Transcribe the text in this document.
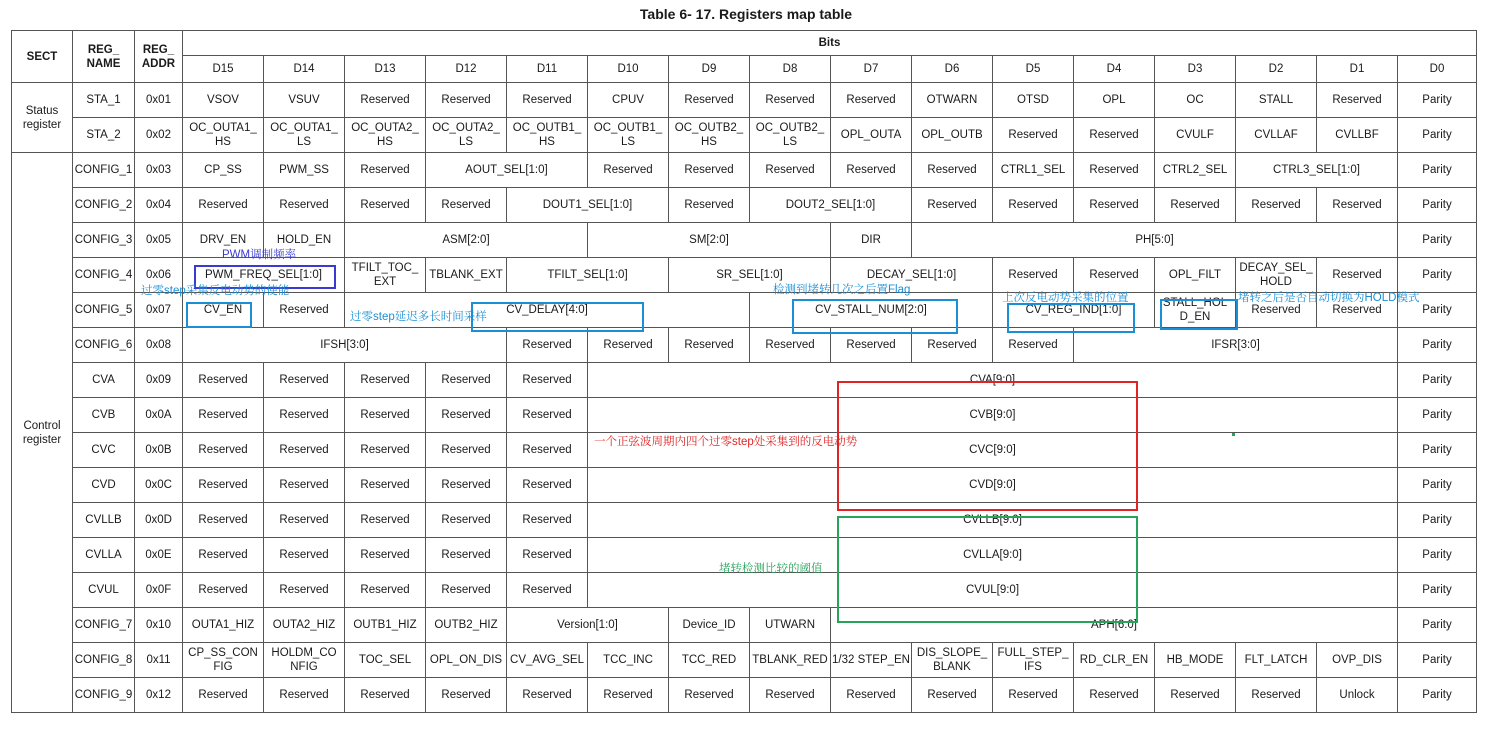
Table 6- 17. Registers map table
SECT	REG_ NAME	REG_ ADDR	Bits															
			D15	D14	D13	D12	D11	D10	D9	D8	D7	D6	D5	D4	D3	D2	D1	D0
Status register	STA_1	0x01	VSOV	VSUV	Reserved	Reserved	Reserved	CPUV	Reserved	Reserved	Reserved	OTWARN	OTSD	OPL	OC	STALL	Reserved	Parity
	STA_2	0x02	OC_OUTA1_ HS	OC_OUTA1_ LS	OC_OUTA2_ HS	OC_OUTA2_ LS	OC_OUTB1_ HS	OC_OUTB1_ LS	OC_OUTB2_ HS	OC_OUTB2_ LS	OPL_OUTA	OPL_OUTB	Reserved	Reserved	CVULF	CVLLAF	CVLLBF	Parity
Control register	CONFIG_1	0x03	CP_SS	PWM_SS	Reserved	AOUT_SEL[1:0]		Reserved	Reserved	Reserved	Reserved	Reserved	CTRL1_SEL	Reserved	CTRL2_SEL	CTRL3_SEL[1:0]		Parity
	CONFIG_2	0x04	Reserved	Reserved	Reserved	Reserved	DOUT1_SEL[1:0]		Reserved	DOUT2_SEL[1:0]		Reserved	Reserved	Reserved	Reserved	Reserved	Reserved	Parity
	CONFIG_3	0x05	DRV_EN	HOLD_EN	ASM[2:0]			SM[2:0]			DIR	PH[5:0]						Parity
	CONFIG_4	0x06	PWM_FREQ_SEL[1:0]		TFILT_TOC_ EXT	TBLANK_EXT	TFILT_SEL[1:0]		SR_SEL[1:0]		DECAY_SEL[1:0]		Reserved	Reserved	OPL_FILT	DECAY_SEL_ HOLD	Reserved	Parity
	CONFIG_5	0x07	CV_EN	Reserved	CV_DELAY[4:0]					CV_STALL_NUM[2:0]			CV_REG_IND[1:0]		STALL_HOL D_EN	Reserved	Reserved	Parity
	CONFIG_6	0x08	IFSH[3:0]				Reserved	Reserved	Reserved	Reserved	Reserved	Reserved	Reserved	IFSR[3:0]				Parity
	CVA	0x09	Reserved	Reserved	Reserved	Reserved	Reserved	CVA[9:0]										Parity
	CVB	0x0A	Reserved	Reserved	Reserved	Reserved	Reserved	CVB[9:0]										Parity
	CVC	0x0B	Reserved	Reserved	Reserved	Reserved	Reserved	CVC[9:0]										Parity
	CVD	0x0C	Reserved	Reserved	Reserved	Reserved	Reserved	CVD[9:0]										Parity
	CVLLB	0x0D	Reserved	Reserved	Reserved	Reserved	Reserved	CVLLB[9:0]										Parity
	CVLLA	0x0E	Reserved	Reserved	Reserved	Reserved	Reserved	CVLLA[9:0]										Parity
	CVUL	0x0F	Reserved	Reserved	Reserved	Reserved	Reserved	CVUL[9:0]										Parity
	CONFIG_7	0x10	OUTA1_HIZ	OUTA2_HIZ	OUTB1_HIZ	OUTB2_HIZ	Version[1:0]		Device_ID	UTWARN	APH[6:0]							Parity
	CONFIG_8	0x11	CP_SS_CON FIG	HOLDM_CO NFIG	TOC_SEL	OPL_ON_DIS	CV_AVG_SEL	TCC_INC	TCC_RED	TBLANK_RED	1/32 STEP_EN	DIS_SLOPE_ BLANK	FULL_STEP_ IFS	RD_CLR_EN	HB_MODE	FLT_LATCH	OVP_DIS	Parity
	CONFIG_9	0x12	Reserved	Reserved	Reserved	Reserved	Reserved	Reserved	Reserved	Reserved	Reserved	Reserved	Reserved	Reserved	Reserved	Reserved	Unlock	Parity
PWM调制频率
过零step采集反电动势的使能
过零step延迟多长时间采样
检测到堵转几次之后置Flag
上次反电动势采集的位置	堵转之后是否自动切换为HOLD模式
一个正弦波周期内四个过零step处采集到的反电动势
堵转检测比较的阈值
